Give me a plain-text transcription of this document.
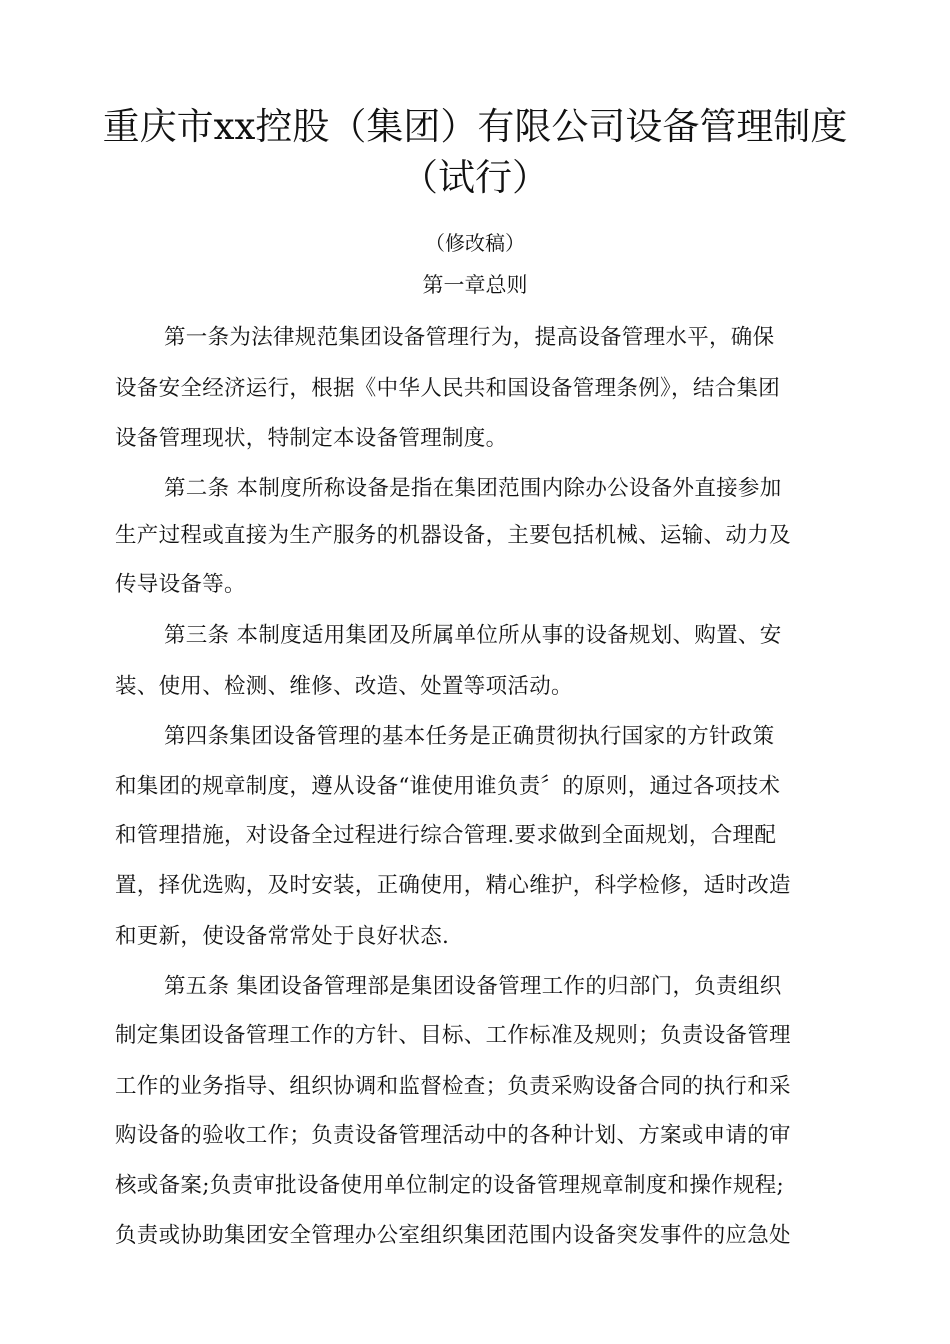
重庆市xx控股（集团）有限公司设备管理制度
（试行）
（修改稿）
第一章总则
第一条为法律规范集团设备管理行为，提高设备管理水平，确保
设备安全经济运行，根据《中华人民共和国设备管理条例》，结合集团
设备管理现状，特制定本设备管理制度。
第二条 本制度所称设备是指在集团范围内除办公设备外直接参加
生产过程或直接为生产服务的机器设备，主要包括机械、运输、动力及
传导设备等。
第三条 本制度适用集团及所属单位所从事的设备规划、购置、安
装、使用、检测、维修、改造、处置等项活动。
第四条集团设备管理的基本任务是正确贯彻执行国家的方针政策
和集团的规章制度，遵从设备“谁使用谁负责〞的原则，通过各项技术
和管理措施，对设备全过程进行综合管理.要求做到全面规划，合理配
置，择优选购，及时安装，正确使用，精心维护，科学检修，适时改造
和更新，使设备常常处于良好状态.
第五条 集团设备管理部是集团设备管理工作的归部门，负责组织
制定集团设备管理工作的方针、目标、工作标准及规则；负责设备管理
工作的业务指导、组织协调和监督检查；负责采购设备合同的执行和采
购设备的验收工作；负责设备管理活动中的各种计划、方案或申请的审
核或备案;负责审批设备使用单位制定的设备管理规章制度和操作规程;
负责或协助集团安全管理办公室组织集团范围内设备突发事件的应急处
